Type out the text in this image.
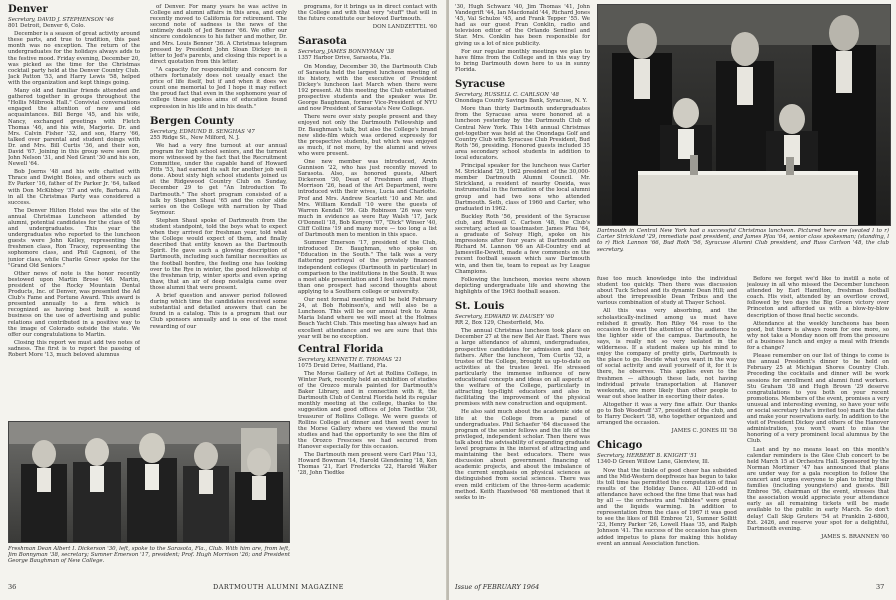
Denver
Secretary, DAVID J. STEPHENSON '46
801 Detroit, Denver 6, Colo.

December is a season of great activity around these parts, and true to tradition, this past month was no exception. The return of the undergraduates for the holidays always adds to the festive mood. Friday evening, December 20, was picked as the time for the Christmas cocktail party held at the Denver Country Club. Jack Patton '53, and Harry Lewis '58, helped with the organization and kept things going.

Many old and familiar friends attended and gathered together in groups throughout the "Hollis Milbrook Hall." Convivial conversations engaged the attention of new and old acquaintances. Bill Berge '45, and his wife, Nancy, exchanged greetings with Fletch Thomas '46, and his wife, Marjorie. Dr. and Mrs. Calvin Fisher '32, and son, Harry '66, talked over parental and student doings with Dr. and Mrs. Bill Curtis '36, and their son, David '67. Joining in this group were seen Dr. John Nelson '31, and Ned Grant '30 and his son, Newell '64.

Bob Joerns '48 and his wife chatted with Thrace and Dwight Boies, and others such as Ev Parker '16, father of Ev Parker Jr. '64, talked with Don McKibbey '37 and wife, Barbara. All in all the Christmas Party was considered a success.

The Denver Hilton Hotel was the site of the annual Christmas Luncheon attended by alumni, potential candidates for the class of '68 and undergraduates. This year the undergraduates who reported to the luncheon guests were John Kelley, representing the freshmen class, Ron Tracey, representing the sophomore class, and Phil Cagnoni, of the junior class, while Charlie Greer spoke for the "Grand Old Seniors."

Other news of note is the honor recently bestowed upon Martin Brose '46. Martin, president of the Rocky Mountain Dental Products, Inc. of Denver, was presented the Ad Club's Fame and Fortune Award. This award is presented annually to a firm which is recognized as having best built a sound business on the use of advertising and public relations and contributed in a positive way to the image of Colorado outside the state. We offer our congratulations to Martin.

Closing this report we must add two notes of sadness. The first is to report the passing of Robert More '13, much beloved alumnus

of Denver. For many years he was active in College and alumni affairs in this area, and only recently moved to California for retirement. The second note of sadness is the news of the untimely death of Jed Benner '66. We offer our sincere condolences to his father and mother, Dr. and Mrs. Louis Benner '36. A Christmas telegram pressed by President John Sloan Dickey in a letter to Jed's parents, and closing this report is a direct quotation from this letter.

"A capacity for responsibility and concern for others fortunately does not usually exact the price of life itself, but if and when it does we count one memorial to Jed I hope it may reflect the proud fact that even in the sophomore year of college these ageless aims of education found expression in his life and in his death."

Bergen County
Secretary, EDMUND B. SENGHAS '47
255 Ridge St., New Milford, N. J.

We had a very fine turnout at our annual program for high school seniors, and the turnout more witnessed by the fact that the Recruitment Committee, under the capable hand of Howard Pitts '53, had earned its salt for another job well done. About sixty high school students joined us at the Ridgewood Country Club on Sunday, December 29 to get "An Introduction To Dartmouth." The short program consisted of a talk by Stephen Shaul '65 and the color slide series on the College with narration by Thad Seymour.

Stephen Shaul spoke of Dartmouth from the student standpoint, told the boys what to expect when they arrived for freshman year, told what the College would expect of them, and finally described that entity known as the Dartmouth Spirit. He gave such a glowing description of Dartmouth, including such familiar necessities as the football bonfire, the feeling one has looking over to the Rye in winter, the good fellowship of the freshman trip, winter sports and even spring thaw, that an air of deep nostalgia came over those alumni that were present.

A brief question and answer period followed during which time the candidates received some substantial and detailed answers that can be found in a catalog. This is a program that our Club sponsors annually and is one of the most rewarding of our

programs, for it brings us in direct contact with the College and with that very "stuff" that will in the future constitute our beloved Dartmouth.

DON LANDZETTEL '60
Sarasota
Secretary, JAMES BONNYMAN '38
1357 Harbor Drive, Sarasota, Fla.

On Monday, December 30, the Dartmouth Club of Sarasota held the largest luncheon meeting of its history, with the executive of President Dickey's luncheon last March when there were 192 present. At this meeting the Club entertained prospective students and the speaker was Dr. George Baughman, former Vice-President of NYU and now President of Sarasota's New College.

There were over sixty people present and they enjoyed not only the Dartmouth Fellowship and Dr. Baughman's talk, but also the College's brand new slide-film which was ordered expressly for the prospective students, but which was enjoyed as much, if not more, by the alumni and wives who were present.

One new member was introduced, Arvin Gunnison '22, who has just recently moved to Sarasota. Also, as honored guests, Albert Dickerson '30, Dean of Freshmen and Hugh Morrison '26, head of the Art Department, were introduced with their wives, Lucia and Charlotte. Prof and Mrs. Andrew Scarlett '10 and Mr. and Mrs. William Kendall '10 were the guests of Warren Kendall '99. Gib Robinson '26 was very much in evidence as were Ray Walsh '17, Jack O'Donnell '18, Bob Kenyon '07, "Dick" Winser '40, Cliff Collins '19 and many more — too long a list of Dartmouth men to mention in this space.

Summer Emerson '17, president of the Club, introduced Dr. Baughman, who spoke on "Education in the South." The talk was a very flattering portrayal of the privately financed independent colleges (Dartmouth in particular) in comparison to the institutions in the South. It was a most able presentation and I feel sure that more than one prospect had second thoughts about applying to a Southern college or university.

Our next formal meeting will be held February 24, at Bob Robinson's, and will also be a Luncheon. This will be our annual trek to Anna Maria Island where we will meet at the Holmes Beach Yacht Club. This meeting has always had an excellent attendance and we are sure that this year will be no exception.

Central Florida
Secretary, KENNETH E. THOMAS '21
1075 Druid Drive, Maitland, Fla.

The Morse Gallery of Art at Rollins College, in Winter Park, recently held an exhibition of studies of the Orozco murals painted for Dartmouth's Baker Library, and in connection with it, the Dartmouth Club of Central Florida held its regular monthly meeting at the college, thanks to the suggestion and good offices of John Tiedtke '30, treasurer of Rollins College. We were guests of Rollins College at dinner and then went over to the Morse Gallery where we viewed the mural studies and had the opportunity to see the film of the Orozco Frescoes we had secured from Hanover especially for this occasion.

The Dartmouth men present were Carl Pfau '13, Howard Bowman '14, Harold Glendening '18, Ken Thomas '21, Earl Fredericks '22, Harold Walter '28, John Tiedtke

Freshman Dean Albert I. Dickerson '30, left, spoke to the Sarasota, Fla., Club. With him are, from left, Jim Bonnyman '38, secretary; Sumner Emerson '17, president; Prof. Hugh Morrison '26; and President George Baughman of New College.
36	DARTMOUTH ALUMNI MAGAZINE

'30, Hugh Schwarz '40, Jim Thomas '41, John Vandegrift '44, Ian Macdonald '44, Richard Jones '45, Val Schulze '45, and Frank Tepper '55. We had as our guest Fran Conklin, radio and television editor of the Orlando Sentinel and Star. Mrs. Conklin has been responsible for giving us a lot of nice publicity.

For our regular monthly meetings we plan to have films from the College and in this way try to bring Dartmouth down here to us in sunny Florida.

Syracuse
Secretary, RUSSELL C. CARLSON '48
Onondaga County Savings Bank, Syracuse, N. Y.

More than thirty Dartmouth undergraduates from the Syracuse area were honored at a luncheon yesterday by the Dartmouth Club of Central New York. This 14th annual Christmas get-together was held at the Onondaga Golf and Country Club with Syracuse Club President, Bud Roth '56, presiding. Honored guests included 35 area secondary school students in addition to local educators.

Principal speaker for the luncheon was Carter M. Strickland '29, 1962 president of the 30,000-member Dartmouth Alumni Council. Mr. Strickland, a resident of nearby Oneida, was instrumental in the formation of the local alumni group and had two sons who attended Dartmouth. Seth, class of 1960 and Carter, who graduated in 1962.

Buckley Roth '56, president of the Syracuse club, and Russell C. Carlson '48, the Club's secretary, acted as toastmaster. James Pfau '64, a graduate of Solvay High, spoke on his impressions after four years at Dartmouth and Richard M. Lannon '66 an All-Country end at Jamesville-Dewitt, made a few comments on the recent football season which saw Dartmouth win, and then tie, team to repeat as Ivy League Champions.

Following the luncheon, movies were shown depicting undergraduate life and showing the highlights of the 1963 football season.

St. Louis
Secretary, EDWARD W. DAUSEY '60
RR 2, Box 129, Chesterfield, Mo.

The annual Christmas luncheon took place on December 27 at the new Bel Air East. There was a large attendance of alumni, undergraduates, prospective candidates for admission and their fathers. After the luncheon, Tom Curtis '32, a trustee of the College, brought us up-to-date on activities at the trustee level. He stressed particularly the immense influence of new educational concepts and ideas on all aspects of the welfare of the College, particularly in attracting top-flight educators and also in facilitating the improvement of the physical premises with new construction and equipment.

He also said much about the academic side of life at the College from a panel of undergraduates. Phil Schaefer '64 discussed the program of the senior fellows and the life of the privileged, independent scholar. Then there was talk about the advisability of expanding graduate level programs in the interest of attracting and maintaining the best educators. There was discussion about government financing of academic projects, and about the imbalance of the current emphasis on physical sciences as distinguished from social sciences. There was even mild criticism of the three-term academic method. Keith Hazelwood '68 mentioned that it seeks to in-

Dartmouth in Central New York had a successful Christmas luncheon. Pictured here are (seated l to r) Carter Strickland '29, immediate past president, and James Pfau '64, senior class spokesman; (standing, l to r) Rick Lannon '66, Bud Roth '56, Syracuse Alumni Club president, and Russ Carlson '48, the club secretary.

fuse too much knowledge into the individual student too quickly. Then there was discussion about Tuck School and its dynamic Dean Hill; and about the irrepressible Dean Tribus and the various combination of study at Thayer School.

All this was very absorbing, and the scholastically-inclined among us must have relished it greatly. Ron Riley '64 rose to the occasion to divert the attention of the audience to the lighter side of the campus. Dartmouth, he says, is really not so very isolated in the wilderness. If a student makes up his mind to enjoy the company of pretty girls, Dartmouth is the place to go. Decide what you want in the way of social activity and avail yourself of it, for it is there, he observes. This applies even to the freshmen — although these lads, not having individual private transportation at Hanover weekends, are more likely than other people to wear out shoe leather in escorting their dates.

Altogether it was a very fine affair. Our thanks go to Bob Woodruff '37, president of the club, and to Harry Deckert '38, who together organized and arranged the occasion.

JAMES C. JONES III '58
Chicago
Secretary, HERBERT B. KNIGHT '51
1340-D Green Willow Lane, Glenview, Ill.

Now that the tinkle of good cheer has subsided and the Mid-Western deepfreeze has begun to take its toll time has permitted the computation of final results of the Holiday Dance. All 120-odd in attendance have echoed the fine time that was had by all — the orchestra and "nibbles" were great and the liquids warming. In addition to representation from the class of 1967 it was good to see the likes of Bill Embree '21, Sumner Sollitt '23, Henry Parker '26, Lowell Haas '35, and Ralph Johnson '41. The success of the occasion has given added impetus to plans for making this holiday event an annual Association function.

Before we forget we'd like to instill a note of jealousy in all who missed the December luncheon attended by Earl Hamilton, freshman football coach. His visit, attended by an overflow crowd, followed by two days the Big Green victory over Princeton and afforded us with a blow-by-blow description of those final hectic seconds.

Attendance at the weekly luncheons has been good, but there is always room for one more, so why not take a Monday noon off from the pressure of a business lunch and enjoy a meal with friends for a change?

Please remember on our list of things to come is the annual President's dinner to be held on February 25 at Michigan Shores Country Club. Preceding the cocktails and dinner will be work sessions for enrollment and alumni fund workers. Stu Graham '38 and Hugh Brown '29 deserve congratulations to you both on your recent promotions. Members of the event, promises a very unusual and interesting evening, so have your wife or social secretary (she's invited too) mark the date and make your reservations early. In addition to the visit of President Dickey and others of the Hanover administration, you won't want to miss the honoring of a very prominent local alumnus by the Club.

Last and by no means least on this month's calendar reminders is the Glee Club concert to be held March 15 at Orchestra Hall. Sponsored by the Norman Mortimer '47 has announced that plans are under way for a gala reception to follow the concert and urges everyone to plan to bring their families (including youngsters) and guests. Bill Embree '56, chairman of the event, stresses that the association would appreciate your attendance early as all remaining tickets will be made available to the public in early March. So don't delay! Call Skip Gruters '54 at Franklin 2-6800, Ext. 2426, and reserve your spot for a delightful, Dartmouth evening.

JAMES S. BRANNEN '60
Issue of FEBRUARY 1964	37
